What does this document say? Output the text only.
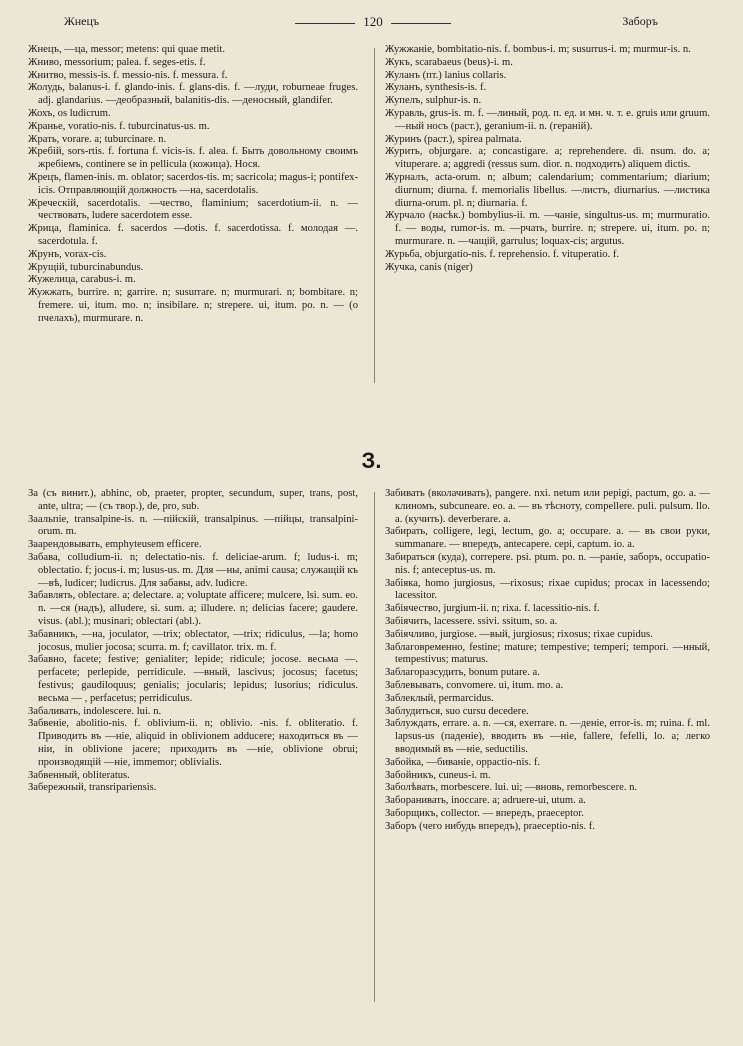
Жнецъ	120	Заборъ

Жнецъ, —ца, messor; metens: qui quae metit.

Жниво, messorium; palea. f. seges-etis. f.

Жнитво, messis-is. f. messio-nis. f. messura. f.

Жолудь, balanus-i. f. glando-inis. f. glans-dis. f. —луди, roburneae fruges. adj. glandarius. —деобразный, balanitis-dis. —деносный, glandifer.

Жохъ, os ludicrum.

Жранье, voratio-nis. f. tuburcinatus-us. m.

Жрать, vorare. a; tuburcinare. n.

Жребій, sors-rtis. f. fortuna f. vicis-is. f. alea. f. Быть довольному своимъ жребіемъ, continere se in pellicula (кожица). Нося.

Жрецъ, flamen-inis. m. oblator; sacerdos-tis. m; sacricola; magus-i; pontifex-icis. Отправляющій должность —на, sacerdotalis.

Жреческій, sacerdotalis. —чество, flaminium; sacerdotium-ii. n. —чествовать, ludere sacerdotem esse.

Жрица, flaminica. f. sacerdos —dotis. f. sacerdotissa. f. молодая —. sacerdotula. f.

Жрунъ, vorax-cis.

Жрущій, tuburcinabundus.

Жужелица, carabus-i. m.

Жужжать, burrire. n; garrire. n; susurrare. n; murmurari. n; bombitare. n; fremere. ui, itum. mo. n; insibilare. n; strepere. ui, itum. po. n. — (о пчелахъ), murmurare. n.

Жужжаніе, bombitatio-nis. f. bombus-i. m; susurrus-i. m; murmur-is. n.

Жукъ, scarabaeus (beus)-i. m.

Жуланъ (пт.) lanius collaris.

Жуланъ, synthesis-is. f.

Жупелъ, sulphur-is. n.

Журавль, grus-is. m. f. —линый, род. п. ед. и мн. ч. т. е. gruis или gruum. —ный носъ (раст.), geranium-ii. n. (гераній).

Журинъ (раст.), spirea palmata.

Журить, objurgare. a; concastigare. a; reprehendere. di. nsum. do. a; vituperare. a; aggredi (ressus sum. dior. n. подходить) aliquem dictis.

Журналъ, acta-orum. n; album; calendarium; commentarium; diarium; diurnum; diurna. f. memorialis libellus. —листъ, diurnarius. —листика diurna-orum. pl. n; diurnaria. f.

Журчало (насѣк.) bombylius-ii. m. —чаніе, singultus-us. m; murmuratio. f. — воды, rumor-is. m. —рчать, burrire. n; strepere. ui, itum. po. n; murmurare. n. —чащій, garrulus; loquax-cis; argutus.

Журьба, objurgatio-nis. f. reprehensio. f. vituperatio. f.

Жучка, canis (niger)

З.

За (съ винит.), abhinc, ob, praeter, propter, secundum, super, trans, post, ante, ultra; — (съ твор.), de, pro, sub.

Заальпіе, transalpine-is. n. —пійскій, transalpinus. —пійцы, transalpini-orum. m.

Заарендовывать, emphyteusem efficere.

Забава, colludium-ii. n; delectatio-nis. f. deliciae-arum. f; ludus-i. m; oblectatio. f; jocus-i. m; lusus-us. m. Для —ны, animi causa; служащій къ —вѣ, ludicer; ludicrus. Для забавы, adv. ludicre.

Забавлять, oblectare. a; delectare. a; voluptate afficere; mulcere, lsi. sum. eo. n. —ся (надъ), alludere, si. sum. a; illudere. n; delicias facere; gaudere. visus. (abl.); musinari; oblectari (abl.).

Забавникъ, —на, joculator, —trix; oblectator, —trix; ridiculus, —la; homo jocosus, mulier jocosa; scurra. m. f; cavillator. trix. m. f.

Забавно, facete; festive; genialiter; lepide; ridicule; jocose. весьма —. perfacete; perlepide, perridicule. —вный, lascivus; jocosus; facetus; festivus; gaudiloquus; genialis; jocularis; lepidus; lusorius; ridiculus. весьма — , perfacetus; perridiculus.

Забаливать, indolescere. lui. n.

Забвеніе, abolitio-nis. f. oblivium-ii. n; oblivio. -nis. f. obliteratio. f. Приводить въ —ніе, aliquid in oblivionem adducere; находиться въ —ніи, in oblivione jacere; приходить въ —ніе, oblivione obrui; производящій —ніе, immemor; oblivialis.

Забвенный, obliteratus.

Забережный, transripariensis.

Забивать (вколачивать), pangere. nxi. netum или pepigi, pactum, go. a. — клиномъ, subcuneare. eo. a. — въ тѣсноту, compellere. puli. pulsum. llo. a. (кучить). deverberare. a.

Забирать, colligere, legi, lectum, go. a; occupare. a. — въ свои руки, summanare. — впередъ, antecapere. cepi, captum. io. a.

Забираться (куда), correpere. psi. ptum. po. n. —раніе, заборъ, occupatio-nis. f; anteceptus-us. m.

Забіяка, homo jurgiosus, —rixosus; rixae cupidus; procax in lacessendo; lacessitor.

Забіячество, jurgium-ii. n; rixa. f. lacessitio-nis. f.

Забіячить, lacessere. ssivi. ssitum, so. a.

Забіячливо, jurgiose. —вый, jurgiosus; rixosus; rixae cupidus.

Заблаговременно, festine; mature; tempestive; temperi; tempori. —нный, tempestivus; maturus.

Заблагоразсудить, bonum putare. a.

Заблевывать, convomere. ui, itum. mo. a.

Заблеклый, permarcidus.

Заблудиться, suo cursu decedere.

Заблуждать, errare. a. n. —ся, exerrare. n. —деніе, error-is. m; ruina. f. ml. lapsus-us (паденіе), вводить въ —ніе, fallere, fefelli, lo. a; легко вводимый въ —ніе, seductilis.

Забойка, —биваніе, oppactio-nis. f.

Забойникъ, cuneus-i. m.

Заболѣвать, morbescere. lui. ui; —вновь, remorbescere. n.

Заборанивать, inoccare. a; adruere-ui, utum. a.

Заборщикъ, collector. — впередъ, praeceptor.

Заборъ (чего нибудь впередъ), praeceptio-nis. f.
